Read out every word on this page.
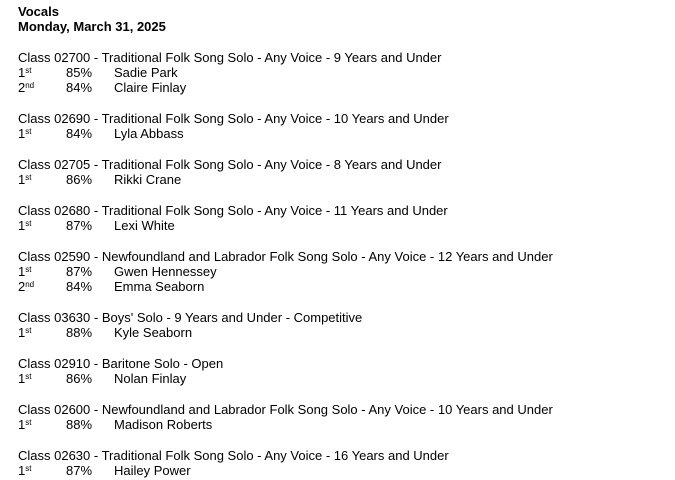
Vocals
Monday, March 31, 2025
Class 02700 - Traditional Folk Song Solo - Any Voice - 9 Years and Under
1st	85% Sadie Park
2nd 84% Claire Finlay
Class 02690 - Traditional Folk Song Solo - Any Voice - 10 Years and Under
1st	84% Lyla Abbass
Class 02705 - Traditional Folk Song Solo - Any Voice - 8 Years and Under
1st	86% Rikki Crane
Class 02680 - Traditional Folk Song Solo - Any Voice - 11 Years and Under
1st	87% Lexi White
Class 02590 - Newfoundland and Labrador Folk Song Solo - Any Voice - 12 Years and Under
1st	87% Gwen Hennessey
2nd 84% Emma Seaborn
Class 03630 - Boys' Solo - 9 Years and Under - Competitive
1st	88% Kyle Seaborn
Class 02910 - Baritone Solo - Open
1st	86% Nolan Finlay
Class 02600 - Newfoundland and Labrador Folk Song Solo - Any Voice - 10 Years and Under
1st	88% Madison Roberts
Class 02630 - Traditional Folk Song Solo - Any Voice - 16 Years and Under
1st	87% Hailey Power
